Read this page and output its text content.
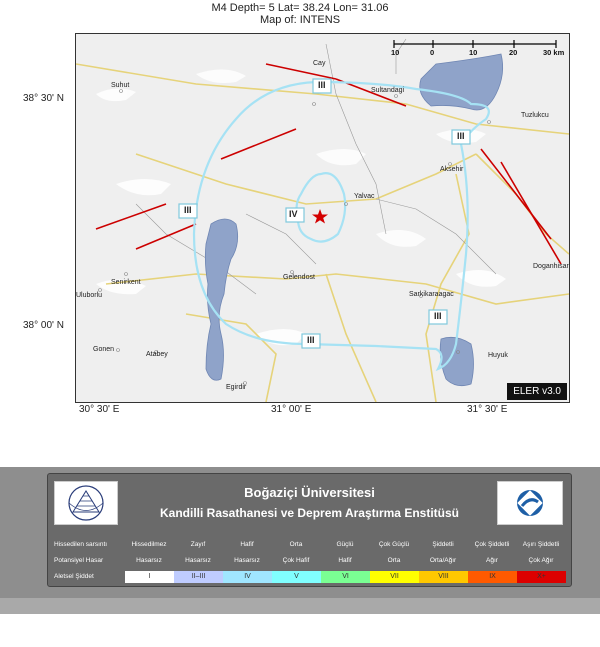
M4 Depth= 5 Lat= 38.24 Lon= 31.06
Map of: INTENS
10	0	10	20	30 km
Cay
Suhut
Sultandagi
Tuzlukcu
Aksehir
Yalvac
Doganhisar
Senirkent
Uluborlu
Gelendost
Sarkikaraagac
Gonen
Atabey	Huyuk
Egirdir
III
III
III	IV
III
III
ELER v3.0
38° 30' N
38° 00' N
30° 30' E	31° 00' E	31° 30' E
Boğaziçi Üniversitesi
Kandilli Rasathanesi ve Deprem Araştırma Enstitüsü
Hissedilen sarsıntı	Hissedilmez	Zayıf	Hafif	Orta	Güçlü	Çok Güçlü	Şiddetli	Çok Şiddetli	Aşırı Şiddetli
Potansiyel Hasar	Hasarsız	Hasarsız	Hasarsız	Çok Hafif	Hafif	Orta	Orta/Ağır	Ağır	Çok Ağır
Aletsel Şiddet	I	II–III	IV	V	VI	VII	VIII	IX	X+
